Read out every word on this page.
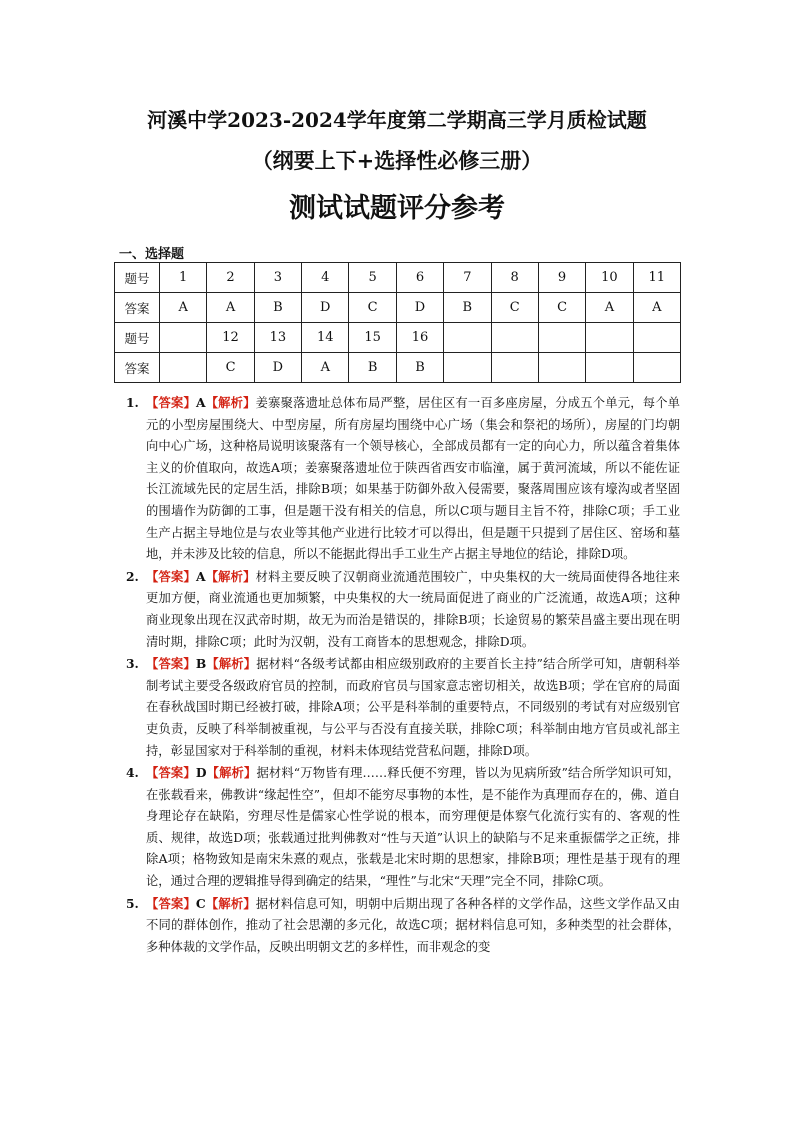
河溪中学2023-2024学年度第二学期高三学月质检试题
（纲要上下+选择性必修三册）
测试试题评分参考
一、选择题
题号	1	2	3	4	5	6	7	8	9	10	11
答案	A	A	B	D	C	D	B	C	C	A	A
题号		12	13	14	15	16					
答案		C	D	A	B	B					
1. 【答案】A【解析】姜寨聚落遗址总体布局严整，居住区有一百多座房屋，分成五个单元，每个单元的小型房屋围绕大、中型房屋，所有房屋均围绕中心广场（集会和祭祀的场所），房屋的门均朝向中心广场，这种格局说明该聚落有一个领导核心，全部成员都有一定的向心力，所以蕴含着集体主义的价值取向，故选A项；姜寨聚落遗址位于陕西省西安市临潼，属于黄河流域，所以不能佐证长江流域先民的定居生活，排除B项；如果基于防御外敌入侵需要，聚落周围应该有壕沟或者坚固的围墙作为防御的工事，但是题干没有相关的信息，所以C项与题目主旨不符，排除C项；手工业生产占据主导地位是与农业等其他产业进行比较才可以得出，但是题干只提到了居住区、窑场和墓地，并未涉及比较的信息，所以不能据此得出手工业生产占据主导地位的结论，排除D项。
2. 【答案】A【解析】材料主要反映了汉朝商业流通范围较广，中央集权的大一统局面使得各地往来更加方便，商业流通也更加频繁，中央集权的大一统局面促进了商业的广泛流通，故选A项；这种商业现象出现在汉武帝时期，故无为而治是错误的，排除B项；长途贸易的繁荣昌盛主要出现在明清时期，排除C项；此时为汉朝，没有工商皆本的思想观念，排除D项。
3. 【答案】B【解析】据材料“各级考试都由相应级别政府的主要首长主持”结合所学可知，唐朝科举制考试主要受各级政府官员的控制，而政府官员与国家意志密切相关，故选B项；学在官府的局面在春秋战国时期已经被打破，排除A项；公平是科举制的重要特点，不同级别的考试有对应级别官吏负责，反映了科举制被重视，与公平与否没有直接关联，排除C项；科举制由地方官员或礼部主持，彰显国家对于科举制的重视，材料未体现结党营私问题，排除D项。
4. 【答案】D【解析】据材料“万物皆有理……释氏便不穷理，皆以为见病所致”结合所学知识可知，在张载看来，佛教讲“缘起性空”，但却不能穷尽事物的本性，是不能作为真理而存在的，佛、道自身理论存在缺陷，穷理尽性是儒家心性学说的根本，而穷理便是体察气化流行实有的、客观的性质、规律，故选D项；张载通过批判佛教对“性与天道”认识上的缺陷与不足来重振儒学之正统，排除A项；格物致知是南宋朱熹的观点，张载是北宋时期的思想家，排除B项；理性是基于现有的理论，通过合理的逻辑推导得到确定的结果，“理性”与北宋“天理”完全不同，排除C项。
5. 【答案】C【解析】据材料信息可知，明朝中后期出现了各种各样的文学作品，这些文学作品又由不同的群体创作，推动了社会思潮的多元化，故选C项；据材料信息可知，多种类型的社会群体，多种体裁的文学作品，反映出明朝文艺的多样性，而非观念的变
